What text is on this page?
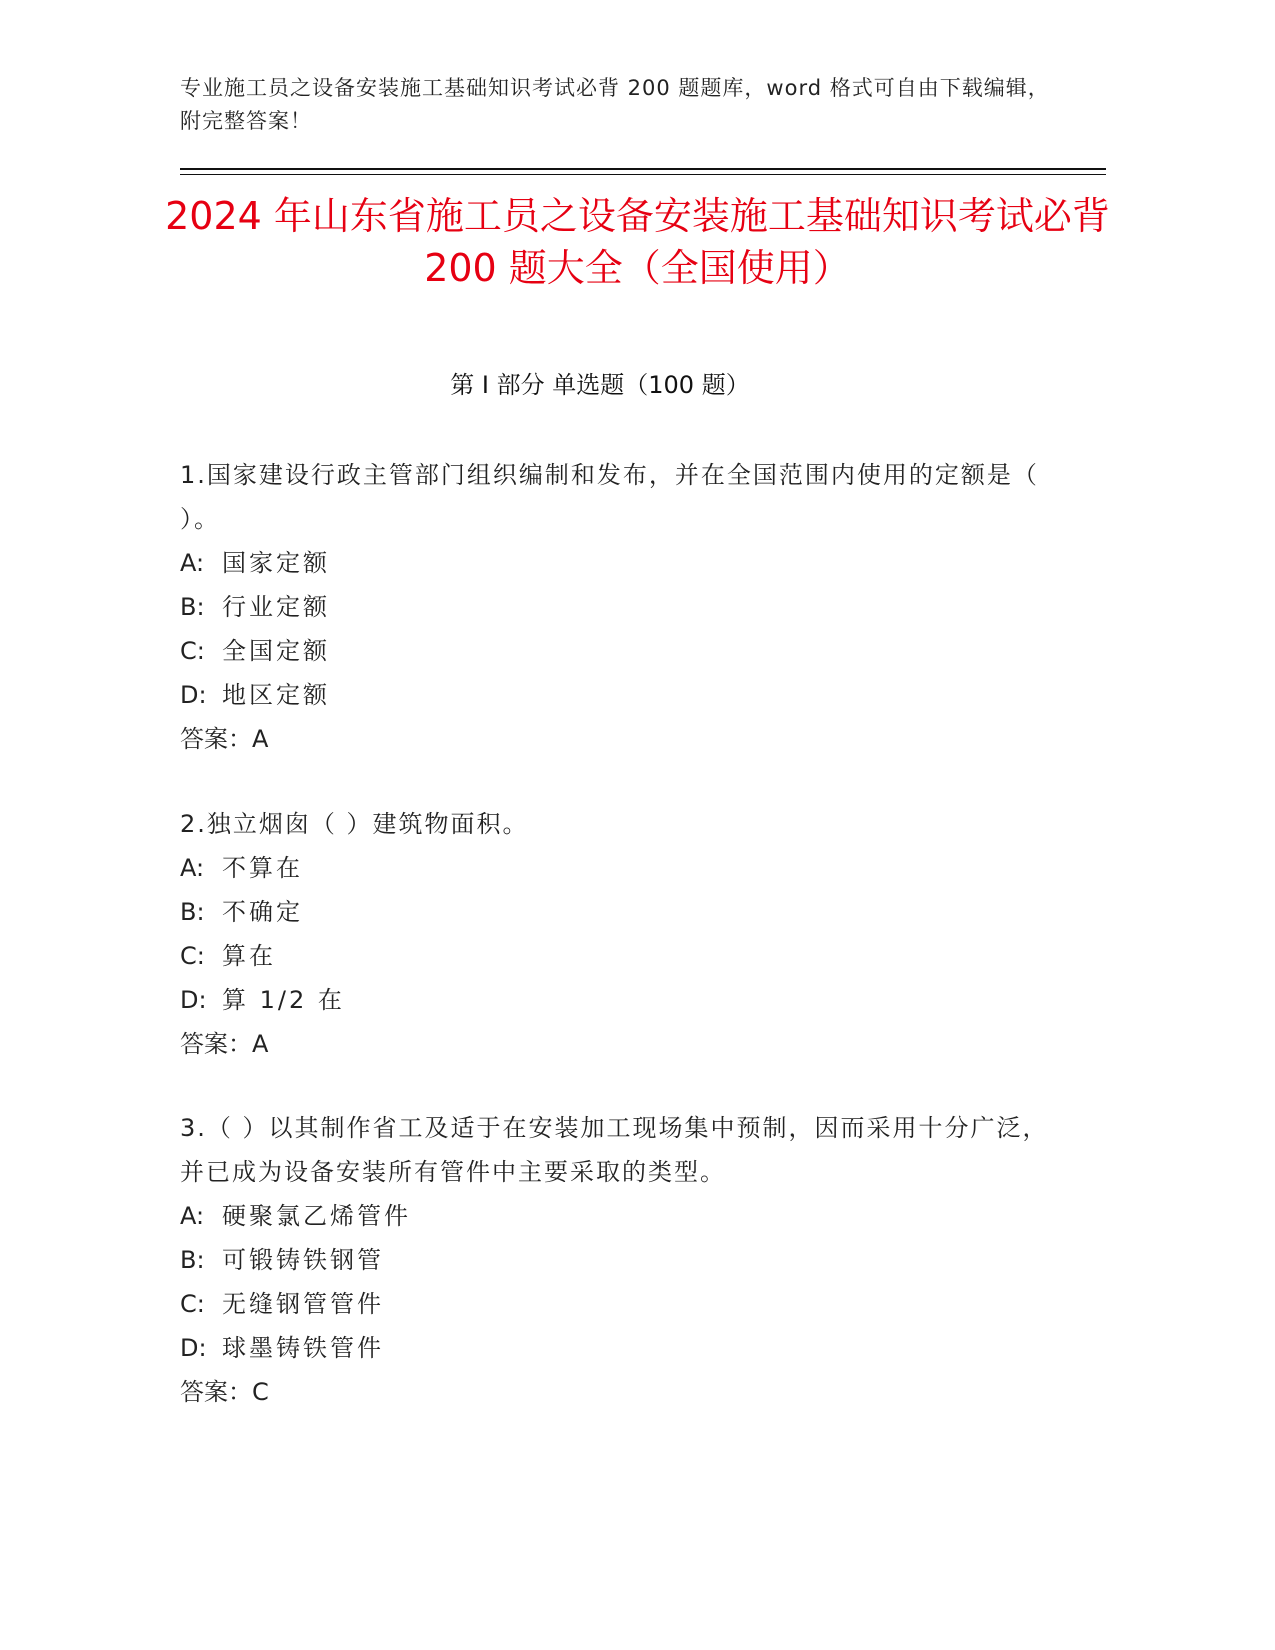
专业施工员之设备安装施工基础知识考试必背 200 题题库，word 格式可自由下载编辑，附完整答案！
2024 年山东省施工员之设备安装施工基础知识考试必背 200 题大全（全国使用）
第 I 部分 单选题（100 题）
1.国家建设行政主管部门组织编制和发布，并在全国范围内使用的定额是（ ）。
A: 国家定额
B: 行业定额
C: 全国定额
D: 地区定额
答案：A
2.独立烟囱（ ）建筑物面积。
A: 不算在
B: 不确定
C: 算在
D: 算 1/2 在
答案：A
3.（ ）以其制作省工及适于在安装加工现场集中预制，因而采用十分广泛，并已成为设备安装所有管件中主要采取的类型。
A: 硬聚氯乙烯管件
B: 可锻铸铁钢管
C: 无缝钢管管件
D: 球墨铸铁管件
答案：C
